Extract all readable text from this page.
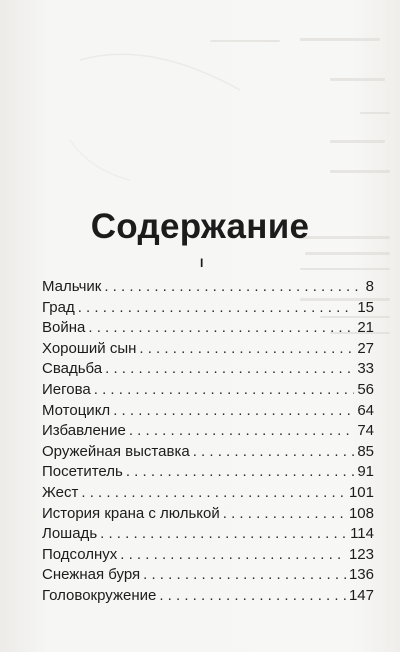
Содержание
I
Мальчик . . .	8
Град . . .	15
Война . . .	21
Хороший сын . . .	27
Свадьба . . .	33
Иегова . . .	56
Мотоцикл . . .	64
Избавление . . .	74
Оружейная выставка . . .	85
Посетитель . . .	91
Жест . . .	101
История крана с люлькой . . .	108
Лошадь . . .	114
Подсолнух . . .	123
Снежная буря . . .	136
Головокружение . . .	147
